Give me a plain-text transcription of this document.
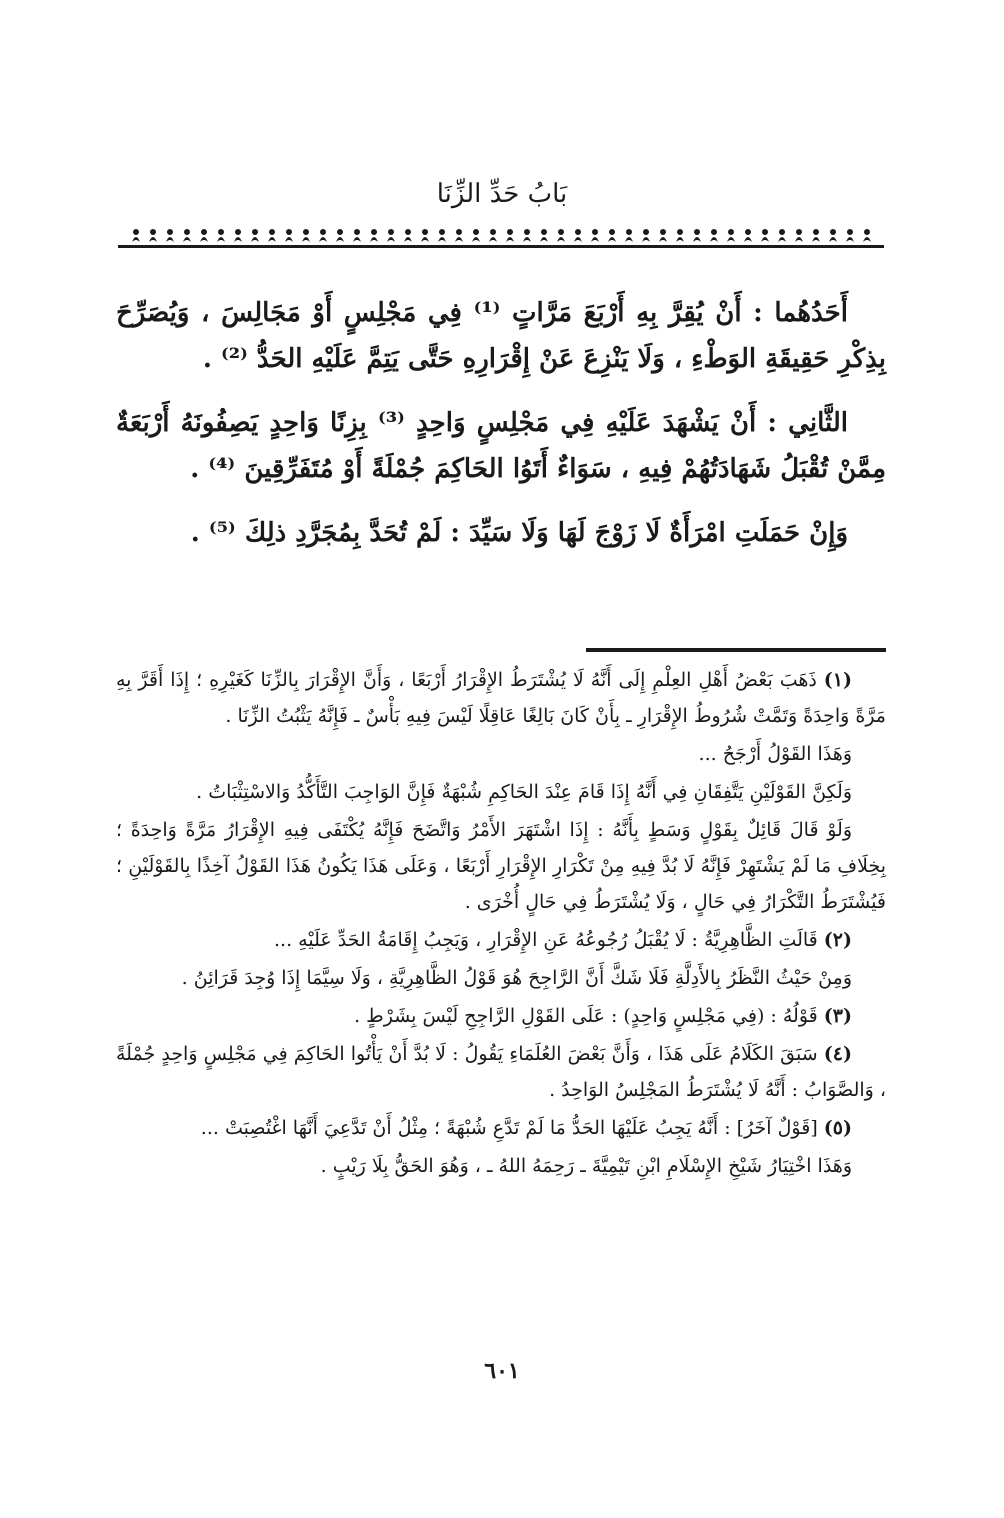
بَابُ حَدِّ الزِّنَا

أَحَدُهُما : أَنْ يُقِرَّ بِهِ أَرْبَعَ مَرَّاتٍ ⁽¹⁾ فِي مَجْلِسٍ أَوْ مَجَالِسَ ، وَيُصَرِّحَ بِذِكْرِ حَقِيقَةِ الوَطْءِ ، وَلَا يَنْزِعَ عَنْ إِقْرَارِهِ حَتَّى يَتِمَّ عَلَيْهِ الحَدُّ ⁽²⁾ .

الثَّانِي : أَنْ يَشْهَدَ عَلَيْهِ فِي مَجْلِسٍ وَاحِدٍ ⁽³⁾ بِزِنًا وَاحِدٍ يَصِفُونَهُ أَرْبَعَةٌ مِمَّنْ تُقْبَلُ شَهَادَتُهُمْ فِيهِ ، سَوَاءٌ أَتَوُا الحَاكِمَ جُمْلَةً أَوْ مُتَفَرِّقِينَ ⁽⁴⁾ .

وَإِنْ حَمَلَتِ امْرَأَةٌ لَا زَوْجَ لَهَا وَلَا سَيِّدَ : لَمْ تُحَدَّ بِمُجَرَّدِ ذلِكَ ⁽⁵⁾ .

(١) ذَهَبَ بَعْضُ أَهْلِ العِلْمِ إِلَى أَنَّهُ لَا يُشْتَرَطُ الإِقْرَارُ أَرْبَعًا ، وَأَنَّ الإِقْرَارَ بِالزِّنَا كَغَيْرِهِ ؛ إِذَا أَقَرَّ بِهِ مَرَّةً وَاحِدَةً وَتَمَّتْ شُرُوطُ الإِقْرَارِ ـ بِأَنْ كَانَ بَالِغًا عَاقِلًا لَيْسَ فِيهِ بَأْسٌ ـ فَإِنَّهُ يَثْبُتُ الزِّنَا .

وَهَذَا القَوْلُ أَرْجَحُ ...

وَلَكِنَّ القَوْلَيْنِ يَتَّفِقَانِ فِي أَنَّهُ إِذَا قَامَ عِنْدَ الحَاكِمِ شُبْهَةٌ فَإِنَّ الوَاجِبَ التَّأَكُّدُ وَالاسْتِثْبَاتُ .

وَلَوْ قَالَ قَائِلٌ بِقَوْلٍ وَسَطٍ بِأَنَّهُ : إِذَا اشْتَهَرَ الأَمْرُ وَاتَّضَحَ فَإِنَّهُ يُكْتَفَى فِيهِ الإِقْرَارُ مَرَّةً وَاحِدَةً ؛ بِخِلَافِ مَا لَمْ يَشْتَهِرْ فَإِنَّهُ لَا بُدَّ فِيهِ مِنْ تَكْرَارِ الإِقْرَارِ أَرْبَعًا ، وَعَلَى هَذَا يَكُونُ هَذَا القَوْلُ آخِذًا بِالقَوْلَيْنِ ؛ فَيُشْتَرَطُ التَّكْرَارُ فِي حَالٍ ، وَلَا يُشْتَرَطُ فِي حَالٍ أُخْرَى .

(٢) قَالَتِ الظَّاهِرِيَّةُ : لَا يُقْبَلُ رُجُوعُهُ عَنِ الإِقْرَارِ ، وَيَجِبُ إِقَامَةُ الحَدِّ عَلَيْهِ ...

وَمِنْ حَيْثُ النَّظَرُ بِالأَدِلَّةِ فَلَا شَكَّ أَنَّ الرَّاجِحَ هُوَ قَوْلُ الظَّاهِرِيَّةِ ، وَلَا سِيَّمَا إِذَا وُجِدَ قَرَائِنُ .

(٣) قَوْلُهُ : (فِي مَجْلِسٍ وَاحِدٍ) : عَلَى القَوْلِ الرَّاجِحِ لَيْسَ بِشَرْطٍ .

(٤) سَبَقَ الكَلَامُ عَلَى هَذَا ، وَأَنَّ بَعْضَ العُلَمَاءِ يَقُولُ : لَا بُدَّ أَنْ يَأْتُوا الحَاكِمَ فِي مَجْلِسٍ وَاحِدٍ جُمْلَةً ، وَالصَّوَابُ : أَنَّهُ لَا يُشْتَرَطُ المَجْلِسُ الوَاحِدُ .

(٥) [قَوْلٌ آخَرُ] : أَنَّهُ يَجِبُ عَلَيْهَا الحَدُّ مَا لَمْ تَدَّعِ شُبْهَةً ؛ مِثْلُ أَنْ تَدَّعِيَ أَنَّهَا اغْتُصِبَتْ ...

وَهَذَا اخْتِيَارُ شَيْخِ الإِسْلَامِ ابْنِ تَيْمِيَّةَ ـ رَحِمَهُ اللهُ ـ ، وَهُوَ الحَقُّ بِلَا رَيْبٍ .

٦٠١
